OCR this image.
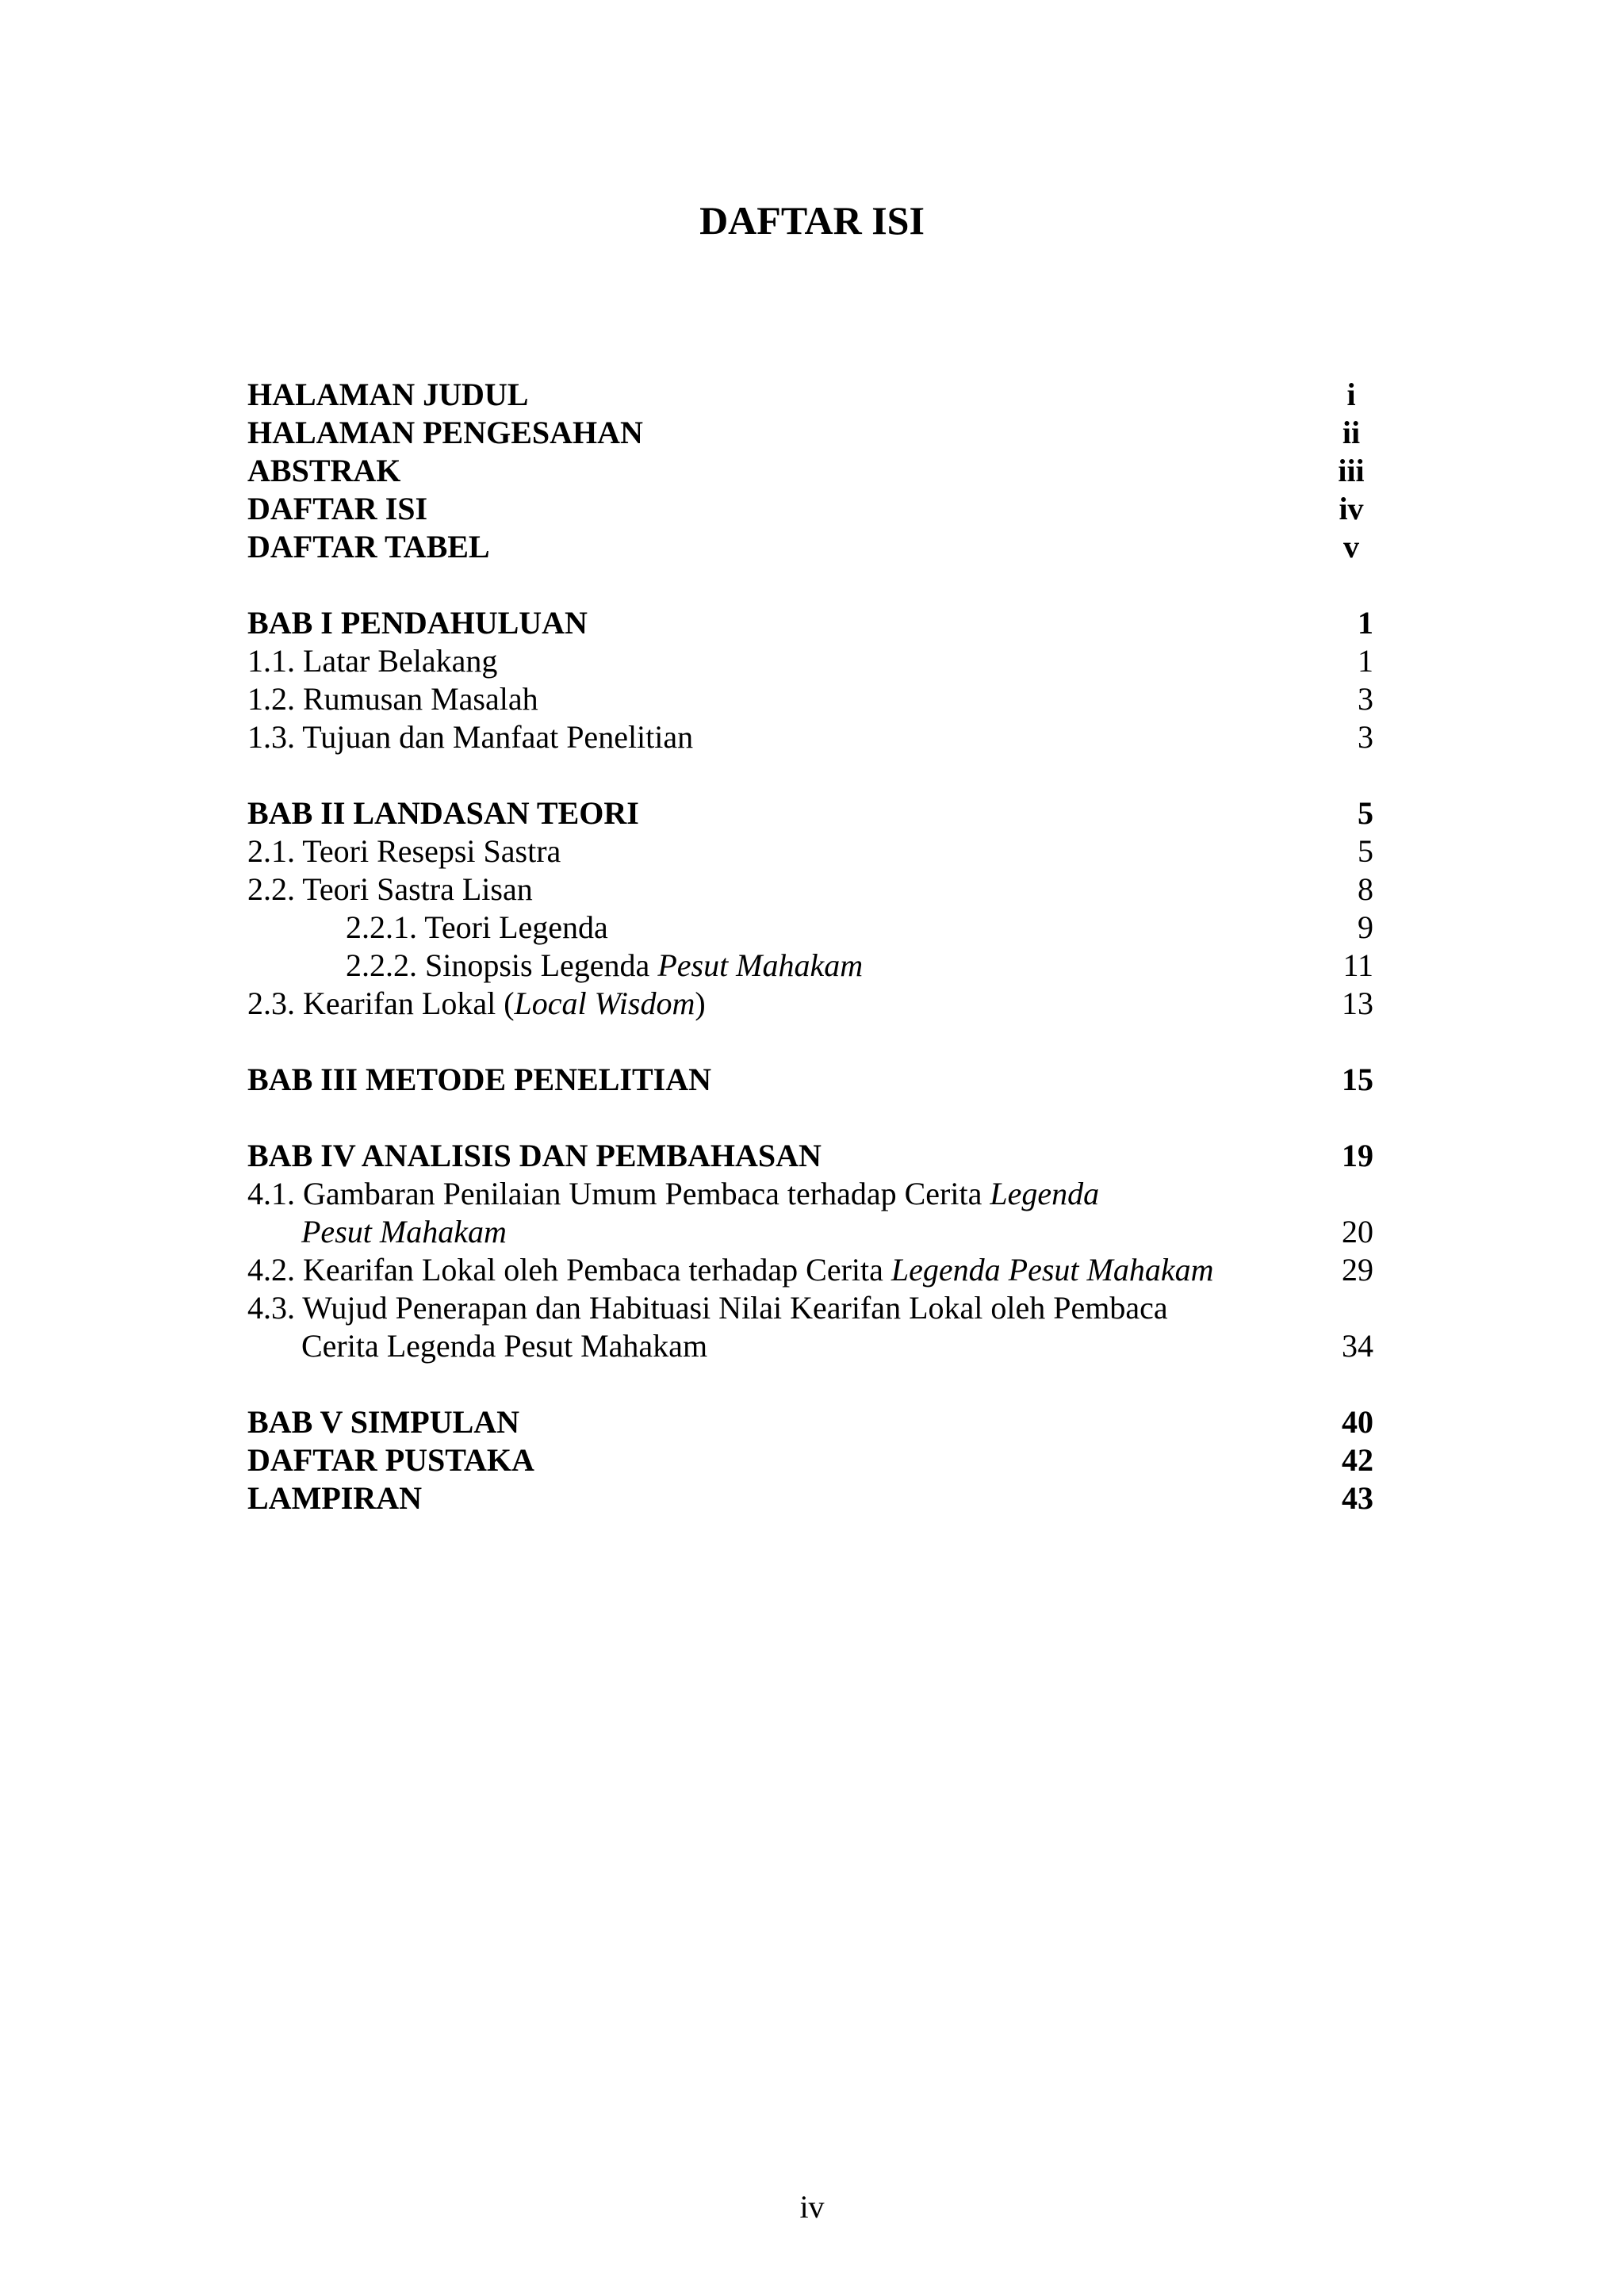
DAFTAR ISI
HALAMAN JUDUL	i
HALAMAN PENGESAHAN	ii
ABSTRAK	iii
DAFTAR ISI	iv
DAFTAR TABEL	v
BAB I PENDAHULUAN	1
1.1. Latar Belakang	1
1.2. Rumusan Masalah	3
1.3. Tujuan dan Manfaat Penelitian	3
BAB II LANDASAN TEORI	5
2.1. Teori Resepsi Sastra	5
2.2. Teori Sastra Lisan	8
2.2.1. Teori Legenda	9
2.2.2. Sinopsis Legenda Pesut Mahakam	11
2.3. Kearifan Lokal (Local Wisdom)	13
BAB III METODE PENELITIAN	15
BAB IV ANALISIS DAN PEMBAHASAN	19
4.1. Gambaran Penilaian Umum Pembaca terhadap Cerita Legenda
Pesut Mahakam	20
4.2. Kearifan Lokal oleh Pembaca terhadap Cerita Legenda Pesut Mahakam	29
4.3. Wujud Penerapan dan Habituasi Nilai Kearifan Lokal oleh Pembaca
Cerita Legenda Pesut Mahakam	34
BAB V SIMPULAN	40
DAFTAR PUSTAKA	42
LAMPIRAN	43
iv
